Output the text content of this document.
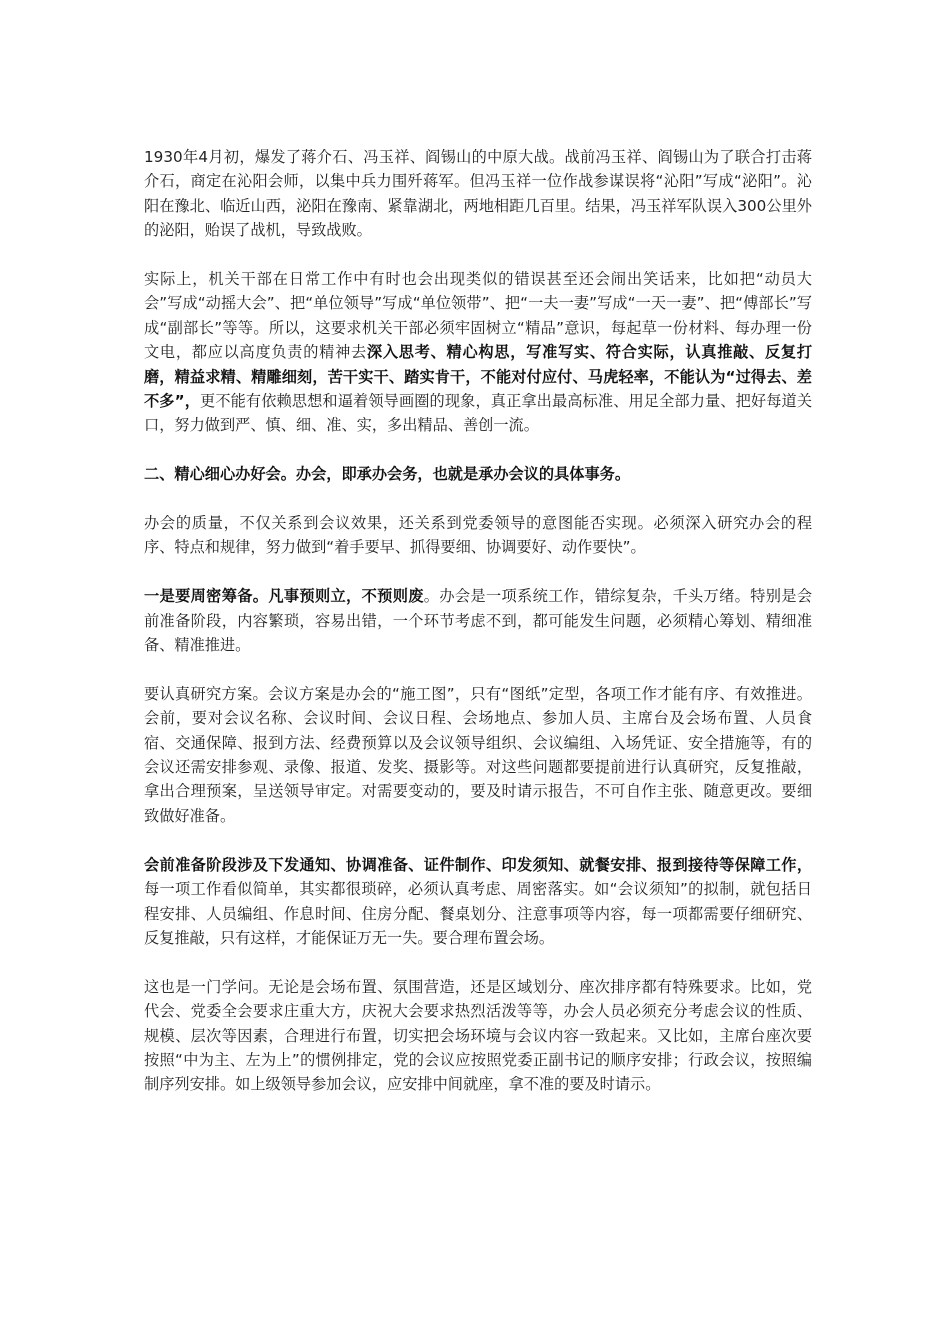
1930年4月初，爆发了蒋介石、冯玉祥、阎锡山的中原大战。战前冯玉祥、阎锡山为了联合打击蒋介石，商定在沁阳会师，以集中兵力围歼蒋军。但冯玉祥一位作战参谋误将“沁阳”写成“泌阳”。沁阳在豫北、临近山西，泌阳在豫南、紧靠湖北，两地相距几百里。结果，冯玉祥军队误入300公里外的泌阳，贻误了战机，导致战败。

实际上，机关干部在日常工作中有时也会出现类似的错误甚至还会闹出笑话来，比如把“动员大会”写成“动摇大会”、把“单位领导”写成“单位领带”、把“一夫一妻”写成“一天一妻”、把“傅部长”写成“副部长”等等。所以，这要求机关干部必须牢固树立“精品”意识，每起草一份材料、每办理一份文电，都应以高度负责的精神去深入思考、精心构思，写准写实、符合实际，认真推敲、反复打磨，精益求精、精雕细刻，苦干实干、踏实肯干，不能对付应付、马虎轻率，不能认为“过得去、差不多”，更不能有依赖思想和逼着领导画圈的现象，真正拿出最高标准、用足全部力量、把好每道关口，努力做到严、慎、细、准、实，多出精品、善创一流。

二、精心细心办好会。办会，即承办会务，也就是承办会议的具体事务。

办会的质量，不仅关系到会议效果，还关系到党委领导的意图能否实现。必须深入研究办会的程序、特点和规律，努力做到“着手要早、抓得要细、协调要好、动作要快”。

一是要周密筹备。凡事预则立，不预则废。办会是一项系统工作，错综复杂，千头万绪。特别是会前准备阶段，内容繁琐，容易出错，一个环节考虑不到，都可能发生问题，必须精心筹划、精细准备、精准推进。

要认真研究方案。会议方案是办会的“施工图”，只有“图纸”定型，各项工作才能有序、有效推进。会前，要对会议名称、会议时间、会议日程、会场地点、参加人员、主席台及会场布置、人员食宿、交通保障、报到方法、经费预算以及会议领导组织、会议编组、入场凭证、安全措施等，有的会议还需安排参观、录像、报道、发奖、摄影等。对这些问题都要提前进行认真研究，反复推敲，拿出合理预案，呈送领导审定。对需要变动的，要及时请示报告，不可自作主张、随意更改。要细致做好准备。

会前准备阶段涉及下发通知、协调准备、证件制作、印发须知、就餐安排、报到接待等保障工作，每一项工作看似简单，其实都很琐碎，必须认真考虑、周密落实。如“会议须知”的拟制，就包括日程安排、人员编组、作息时间、住房分配、餐桌划分、注意事项等内容，每一项都需要仔细研究、反复推敲，只有这样，才能保证万无一失。要合理布置会场。

这也是一门学问。无论是会场布置、氛围营造，还是区域划分、座次排序都有特殊要求。比如，党代会、党委全会要求庄重大方，庆祝大会要求热烈活泼等等，办会人员必须充分考虑会议的性质、规模、层次等因素，合理进行布置，切实把会场环境与会议内容一致起来。又比如，主席台座次要按照“中为主、左为上”的惯例排定，党的会议应按照党委正副书记的顺序安排；行政会议，按照编制序列安排。如上级领导参加会议，应安排中间就座，拿不准的要及时请示。
